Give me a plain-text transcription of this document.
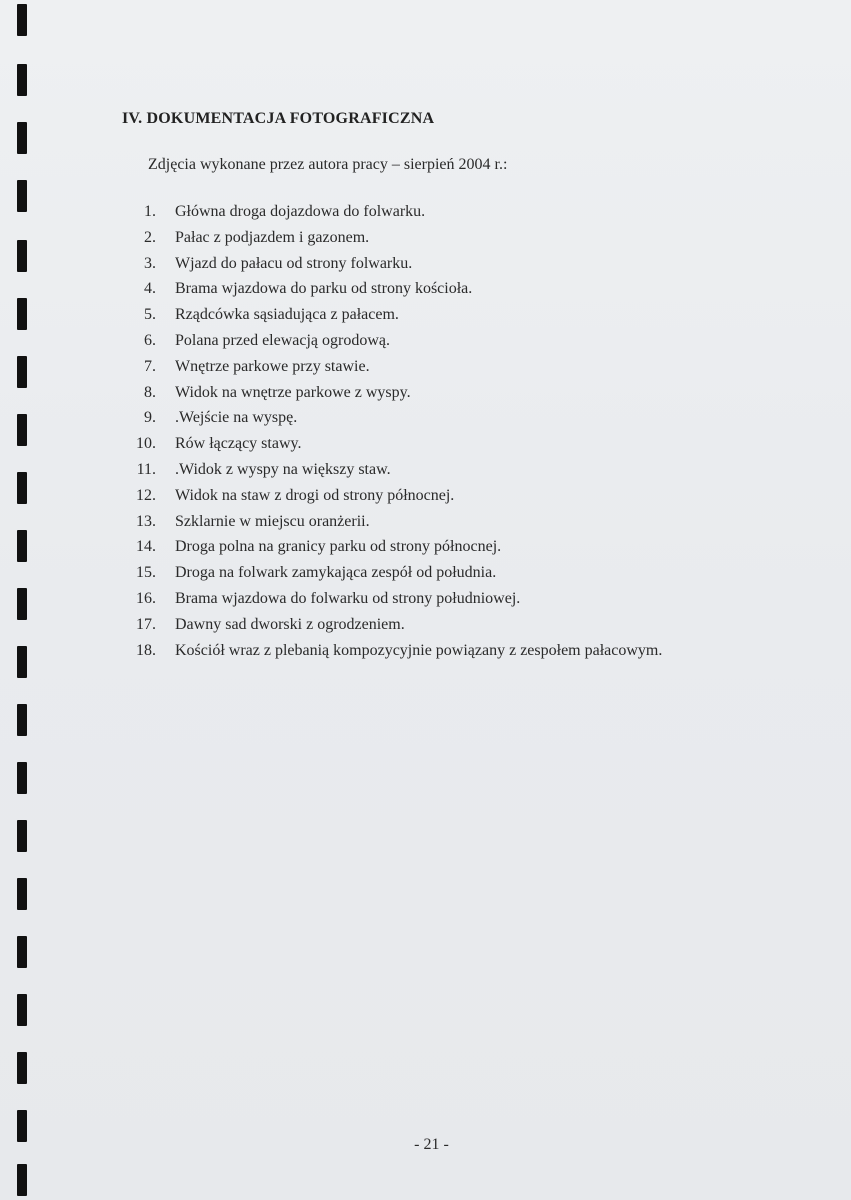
IV. DOKUMENTACJA FOTOGRAFICZNA
Zdjęcia wykonane przez autora pracy – sierpień 2004 r.:
1. Główna droga dojazdowa do folwarku.
2. Pałac z podjazdem i gazonem.
3. Wjazd do pałacu od strony folwarku.
4. Brama wjazdowa do parku od strony kościoła.
5. Rządcówka sąsiadująca z pałacem.
6. Polana przed elewacją ogrodową.
7. Wnętrze parkowe przy stawie.
8. Widok na wnętrze parkowe z wyspy.
9. .Wejście na wyspę.
10. Rów łączący stawy.
11. .Widok z wyspy na większy staw.
12. Widok na staw z drogi od strony północnej.
13. Szklarnie w miejscu oranżerii.
14. Droga polna na granicy parku od strony północnej.
15. Droga na folwark zamykająca zespół od południa.
16. Brama wjazdowa do folwarku od strony południowej.
17. Dawny sad dworski z ogrodzeniem.
18. Kościół wraz z plebanią kompozycyjnie powiązany z zespołem pałacowym.
- 21 -
